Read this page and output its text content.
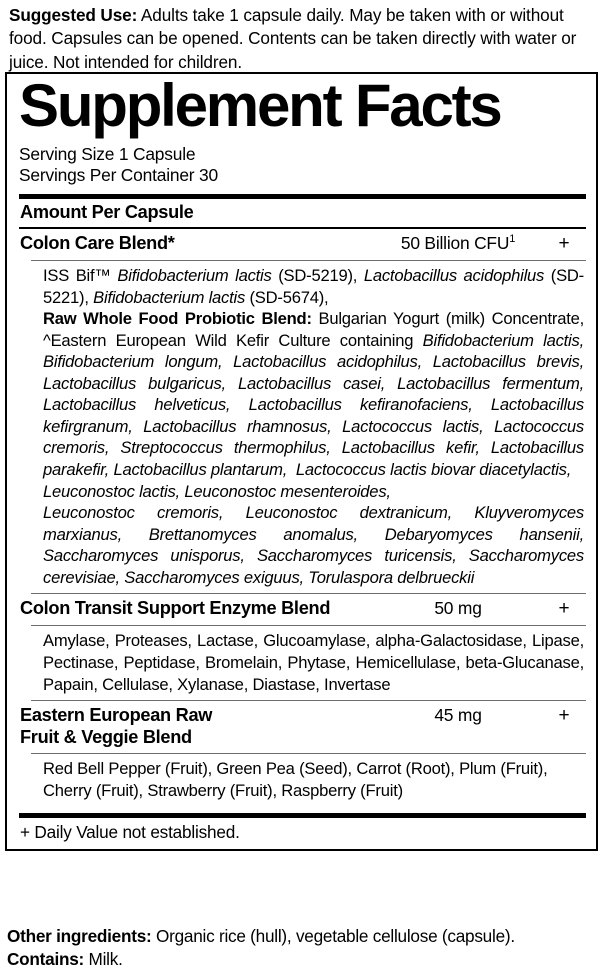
Suggested Use: Adults take 1 capsule daily. May be taken with or without food. Capsules can be opened. Contents can be taken directly with water or juice. Not intended for children.
Supplement Facts
Serving Size 1 Capsule
Servings Per Container 30
Amount Per Capsule
Colon Care Blend*	50 Billion $CFU^1$	+
ISS Bif™ Bifidobacterium lactis (SD-5219), Lactobacillus acidophilus (SD-5221), Bifidobacterium lactis (SD-5674),
Raw Whole Food Probiotic Blend: Bulgarian Yogurt (milk) Concentrate, ^Eastern European Wild Kefir Culture containing Bifidobacterium lactis, Bifidobacterium longum, Lactobacillus acidophilus, Lactobacillus brevis, Lactobacillus bulgaricus, Lactobacillus casei, Lactobacillus fermentum, Lactobacillus helveticus, Lactobacillus kefiranofaciens, Lactobacillus kefirgranum, Lactobacillus rhamnosus, Lactococcus lactis, Lactococcus cremoris, Streptococcus thermophilus, Lactobacillus kefir, Lactobacillus parakefir, Lactobacillus plantarum,  Lactococcus lactis biovar diacetylactis,
Leuconostoc lactis, Leuconostoc mesenteroides,
Leuconostoc cremoris, Leuconostoc dextranicum, Kluyveromyces marxianus, Brettanomyces anomalus, Debaryomyces hansenii, Saccharomyces unisporus, Saccharomyces turicensis, Saccharomyces cerevisiae, Saccharomyces exiguus, Torulaspora delbrueckii
Colon Transit Support Enzyme Blend	50 mg	+
Amylase, Proteases, Lactase, Glucoamylase, alpha-Galactosidase, Lipase, Pectinase, Peptidase, Bromelain, Phytase, Hemicellulase, beta-Glucanase, Papain, Cellulase, Xylanase, Diastase, Invertase
Eastern European Raw
Fruit & Veggie Blend
45 mg	+
Red Bell Pepper (Fruit), Green Pea (Seed), Carrot (Root), Plum (Fruit), Cherry (Fruit), Strawberry (Fruit), Raspberry (Fruit)
+ Daily Value not established.
Other ingredients: Organic rice (hull), vegetable cellulose (capsule).
Contains: Milk.
